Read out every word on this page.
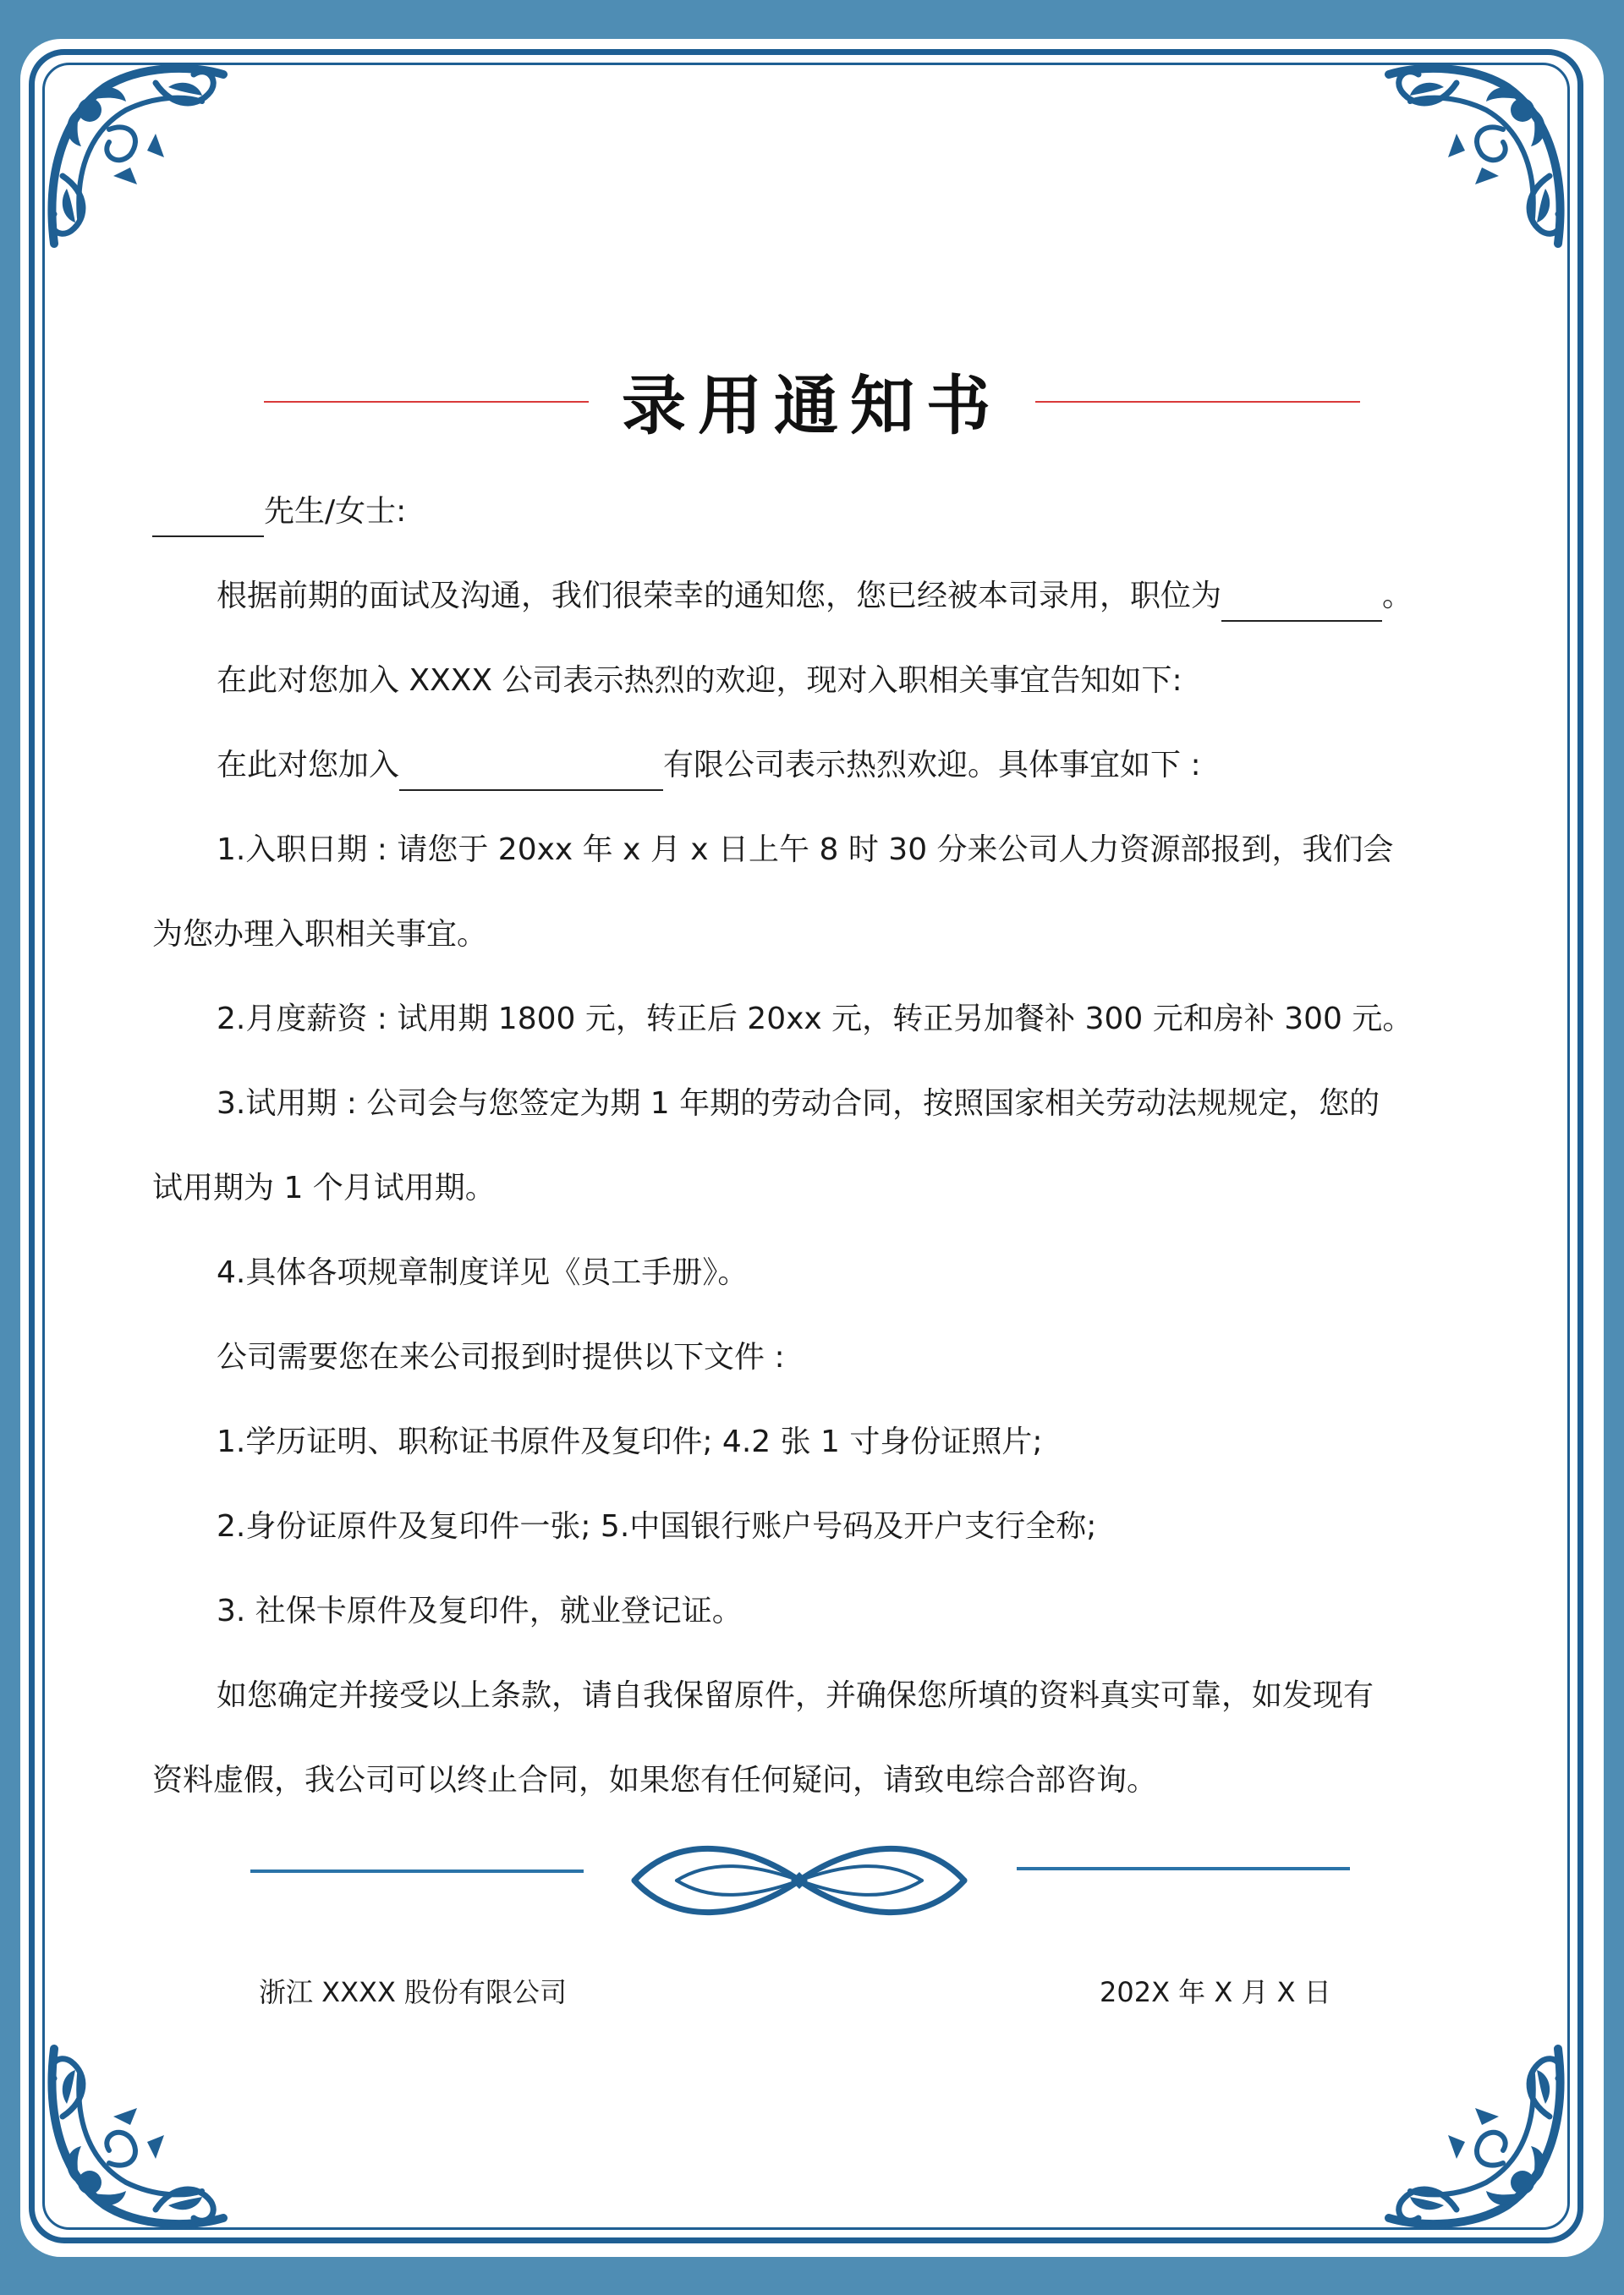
录用通知书
先生/女士:
根据前期的面试及沟通，我们很荣幸的通知您，您已经被本司录用，职位为	。
在此对您加入 XXXX 公司表示热烈的欢迎，现对入职相关事宜告知如下:
在此对您加入	有限公司表示热烈欢迎。具体事宜如下 :
1.入职日期 : 请您于 20xx 年 x 月 x 日上午 8 时 30 分来公司人力资源部报到，我们会
为您办理入职相关事宜。
2.月度薪资 : 试用期 1800 元，转正后 20xx 元，转正另加餐补 300 元和房补 300 元。
3.试用期 : 公司会与您签定为期 1 年期的劳动合同，按照国家相关劳动法规规定，您的
试用期为 1 个月试用期。
4.具体各项规章制度详见《员工手册》。
公司需要您在来公司报到时提供以下文件 :
1.学历证明、职称证书原件及复印件; 4.2 张 1 寸身份证照片;
2.身份证原件及复印件一张; 5.中国银行账户号码及开户支行全称;
3. 社保卡原件及复印件，就业登记证。
如您确定并接受以上条款，请自我保留原件，并确保您所填的资料真实可靠，如发现有
资料虚假，我公司可以终止合同，如果您有任何疑问，请致电综合部咨询。
浙江 XXXX 股份有限公司	202X 年 X 月 X 日
